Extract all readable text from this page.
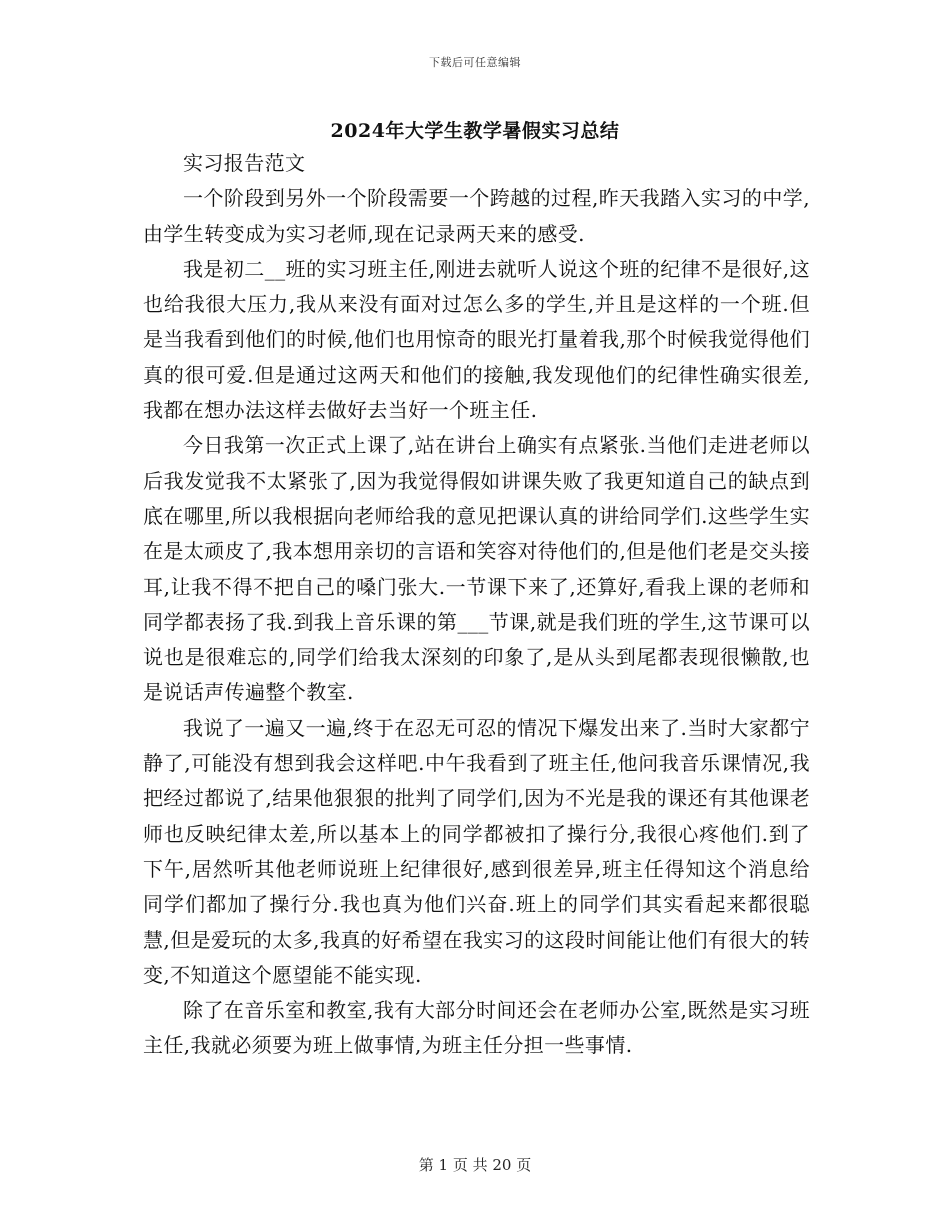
下载后可任意编辑
2024年大学生教学暑假实习总结

实习报告范文

一个阶段到另外一个阶段需要一个跨越的过程,昨天我踏入实习的中学,由学生转变成为实习老师,现在记录两天来的感受.

我是初二__班的实习班主任,刚进去就听人说这个班的纪律不是很好,这也给我很大压力,我从来没有面对过怎么多的学生,并且是这样的一个班.但是当我看到他们的时候,他们也用惊奇的眼光打量着我,那个时候我觉得他们真的很可爱.但是通过这两天和他们的接触,我发现他们的纪律性确实很差,我都在想办法这样去做好去当好一个班主任.

今日我第一次正式上课了,站在讲台上确实有点紧张.当他们走进老师以后我发觉我不太紧张了,因为我觉得假如讲课失败了我更知道自己的缺点到底在哪里,所以我根据向老师给我的意见把课认真的讲给同学们.这些学生实在是太顽皮了,我本想用亲切的言语和笑容对待他们的,但是他们老是交头接耳,让我不得不把自己的嗓门张大.一节课下来了,还算好,看我上课的老师和同学都表扬了我.到我上音乐课的第___节课,就是我们班的学生,这节课可以说也是很难忘的,同学们给我太深刻的印象了,是从头到尾都表现很懒散,也是说话声传遍整个教室.

我说了一遍又一遍,终于在忍无可忍的情况下爆发出来了.当时大家都宁静了,可能没有想到我会这样吧.中午我看到了班主任,他问我音乐课情况,我把经过都说了,结果他狠狠的批判了同学们,因为不光是我的课还有其他课老师也反映纪律太差,所以基本上的同学都被扣了操行分,我很心疼他们.到了下午,居然听其他老师说班上纪律很好,感到很差异,班主任得知这个消息给同学们都加了操行分.我也真为他们兴奋.班上的同学们其实看起来都很聪慧,但是爱玩的太多,我真的好希望在我实习的这段时间能让他们有很大的转变,不知道这个愿望能不能实现.

除了在音乐室和教室,我有大部分时间还会在老师办公室,既然是实习班主任,我就必须要为班上做事情,为班主任分担一些事情.

第 1 页 共 20 页
